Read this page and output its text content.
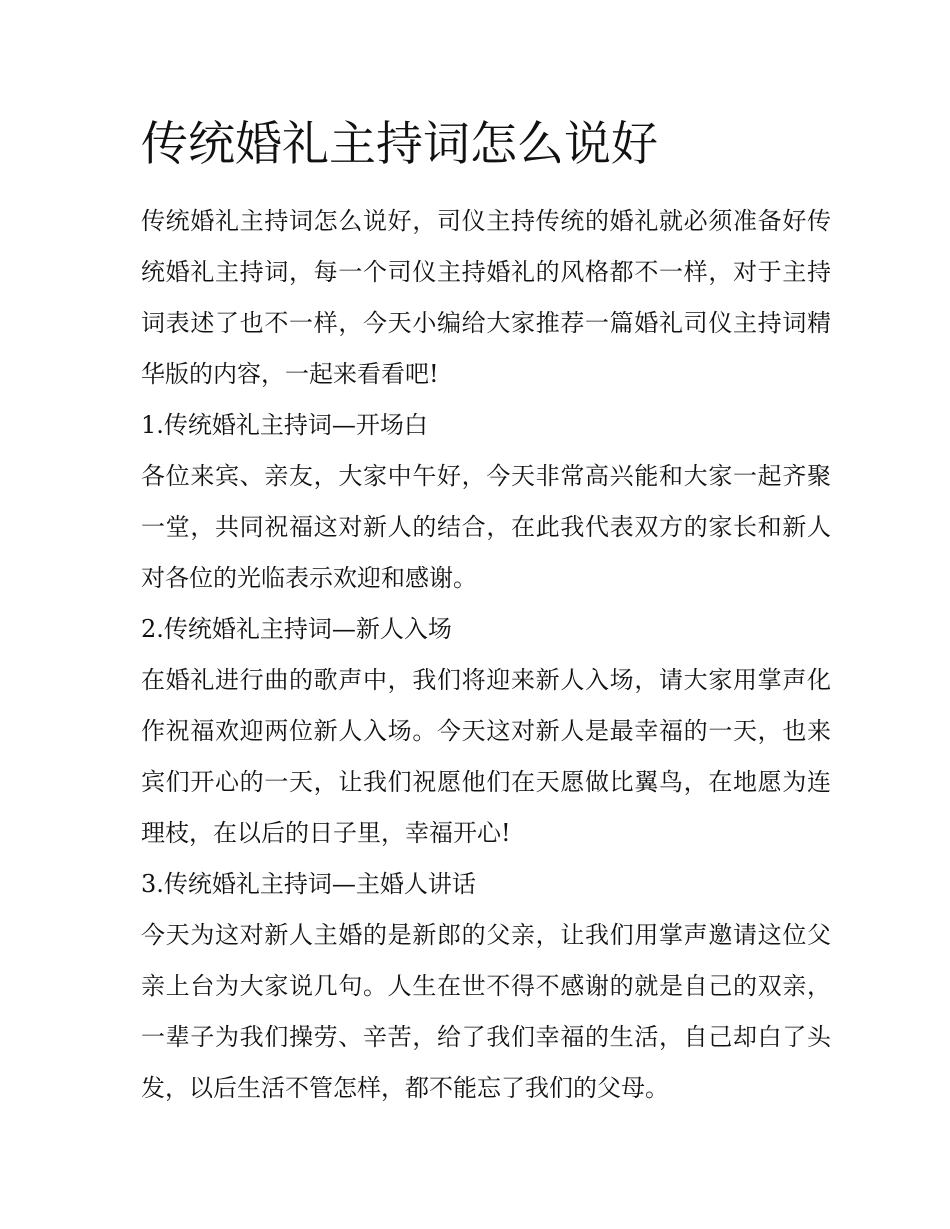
传统婚礼主持词怎么说好

传统婚礼主持词怎么说好，司仪主持传统的婚礼就必须准备好传统婚礼主持词，每一个司仪主持婚礼的风格都不一样，对于主持词表述了也不一样，今天小编给大家推荐一篇婚礼司仪主持词精华版的内容，一起来看看吧!

1.传统婚礼主持词—开场白

各位来宾、亲友，大家中午好，今天非常高兴能和大家一起齐聚一堂，共同祝福这对新人的结合，在此我代表双方的家长和新人对各位的光临表示欢迎和感谢。

2.传统婚礼主持词—新人入场

在婚礼进行曲的歌声中，我们将迎来新人入场，请大家用掌声化作祝福欢迎两位新人入场。今天这对新人是最幸福的一天，也来宾们开心的一天，让我们祝愿他们在天愿做比翼鸟，在地愿为连理枝，在以后的日子里，幸福开心!

3.传统婚礼主持词—主婚人讲话

今天为这对新人主婚的是新郎的父亲，让我们用掌声邀请这位父亲上台为大家说几句。人生在世不得不感谢的就是自己的双亲，一辈子为我们操劳、辛苦，给了我们幸福的生活，自己却白了头发，以后生活不管怎样，都不能忘了我们的父母。
